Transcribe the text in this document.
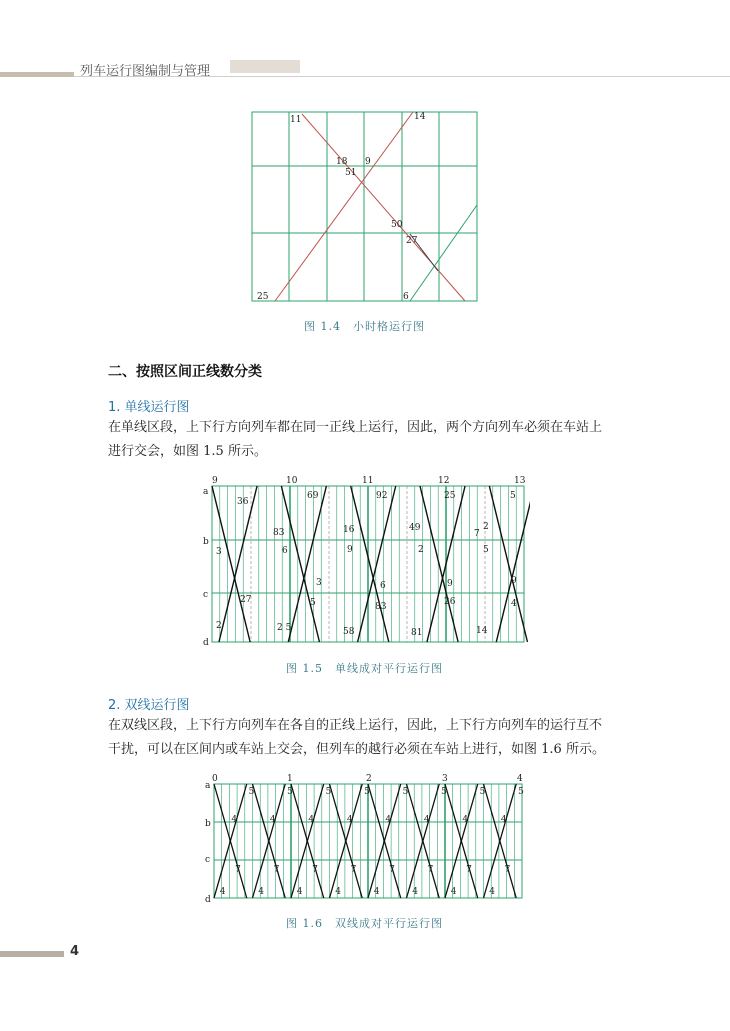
列车运行图编制与管理
11	14
18 9
51
50
27
25	6
图 1.4　小时格运行图
二、按照区间正线数分类
1. 单线运行图
在单线区段，上下行方向列车都在同一正线上运行，因此，两个方向列车必须在车站上
进行交会，如图 1.5 所示。
9	10	11	12	13
a
b
c
d
36
69	92	25	5
83	16	49
7
2
3	6	9	2	5
3	6	9	9
27	5	83	26	4
2	2 5	58	81	14
图 1.5　单线成对平行运行图
2. 双线运行图
在双线区段，上下行方向列车在各自的正线上运行，因此，上下行方向列车的运行互不
干扰，可以在区间内或车站上交会，但列车的越行必须在车站上进行，如图 1.6 所示。
0	1	2	3	4
a
b
c
d
5
4
7
4
5
4
7
4
5
4
7
4
5
4
7
4
5
4
7
4
5
4
7
4
5
4
7
4
5
4
7
4
图 1.6　双线成对平行运行图
4
